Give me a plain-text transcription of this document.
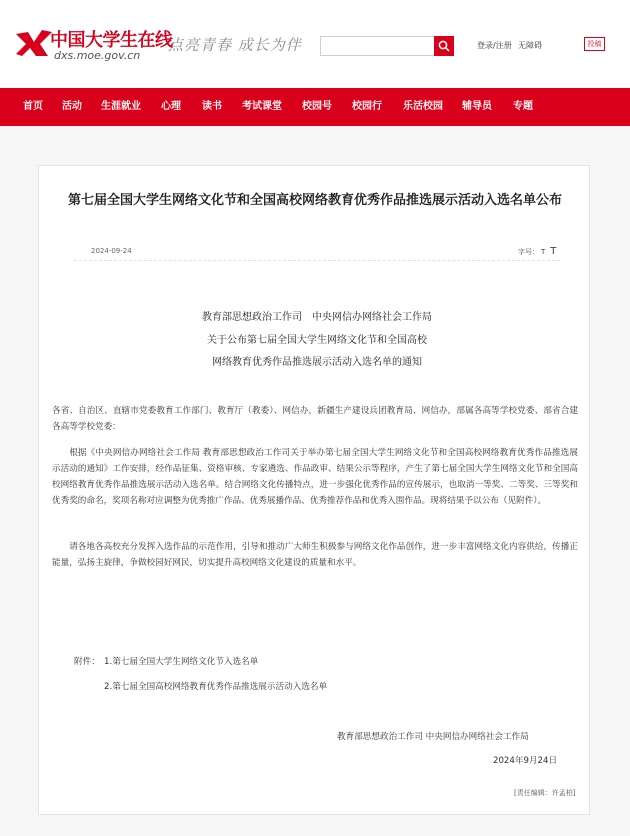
中国大学生在线
dxs.moe.gov.cn
点亮青春 成长为伴	登录/注册 无障碍	投稿
首页 活动 生涯就业 心理 读书 考试课堂 校园号 校园行 乐活校园 辅导员 专题
第七届全国大学生网络文化节和全国高校网络教育优秀作品推选展示活动入选名单公布
2024-09-24	字号： T T
教育部思想政治工作司　中央网信办网络社会工作局
关于公布第七届全国大学生网络文化节和全国高校
网络教育优秀作品推选展示活动入选名单的通知

各省、自治区、直辖市党委教育工作部门、教育厅（教委）、网信办，新疆生产建设兵团教育局、网信办，部属各高等学校党委、部省合建各高等学校党委：

根据《中央网信办网络社会工作局 教育部思想政治工作司关于举办第七届全国大学生网络文化节和全国高校网络教育优秀作品推选展示活动的通知》工作安排，经作品征集、资格审核、专家遴选、作品政审、结果公示等程序，产生了第七届全国大学生网络文化节和全国高校网络教育优秀作品推选展示活动入选名单。结合网络文化传播特点，进一步强化优秀作品的宣传展示，也取消一等奖、二等奖、三等奖和优秀奖的命名，奖项名称对应调整为优秀推广作品、优秀展播作品、优秀推荐作品和优秀入围作品。现将结果予以公布（见附件）。

请各地各高校充分发挥入选作品的示范作用，引导和推动广大师生积极参与网络文化作品创作，进一步丰富网络文化内容供给，传播正能量，弘扬主旋律，争做校园好网民，切实提升高校网络文化建设的质量和水平。

附件： 1.第七届全国大学生网络文化节入选名单
2.第七届全国高校网络教育优秀作品推选展示活动入选名单
教育部思想政治工作司 中央网信办网络社会工作局
2024年9月24日
[责任编辑：许孟柏]
